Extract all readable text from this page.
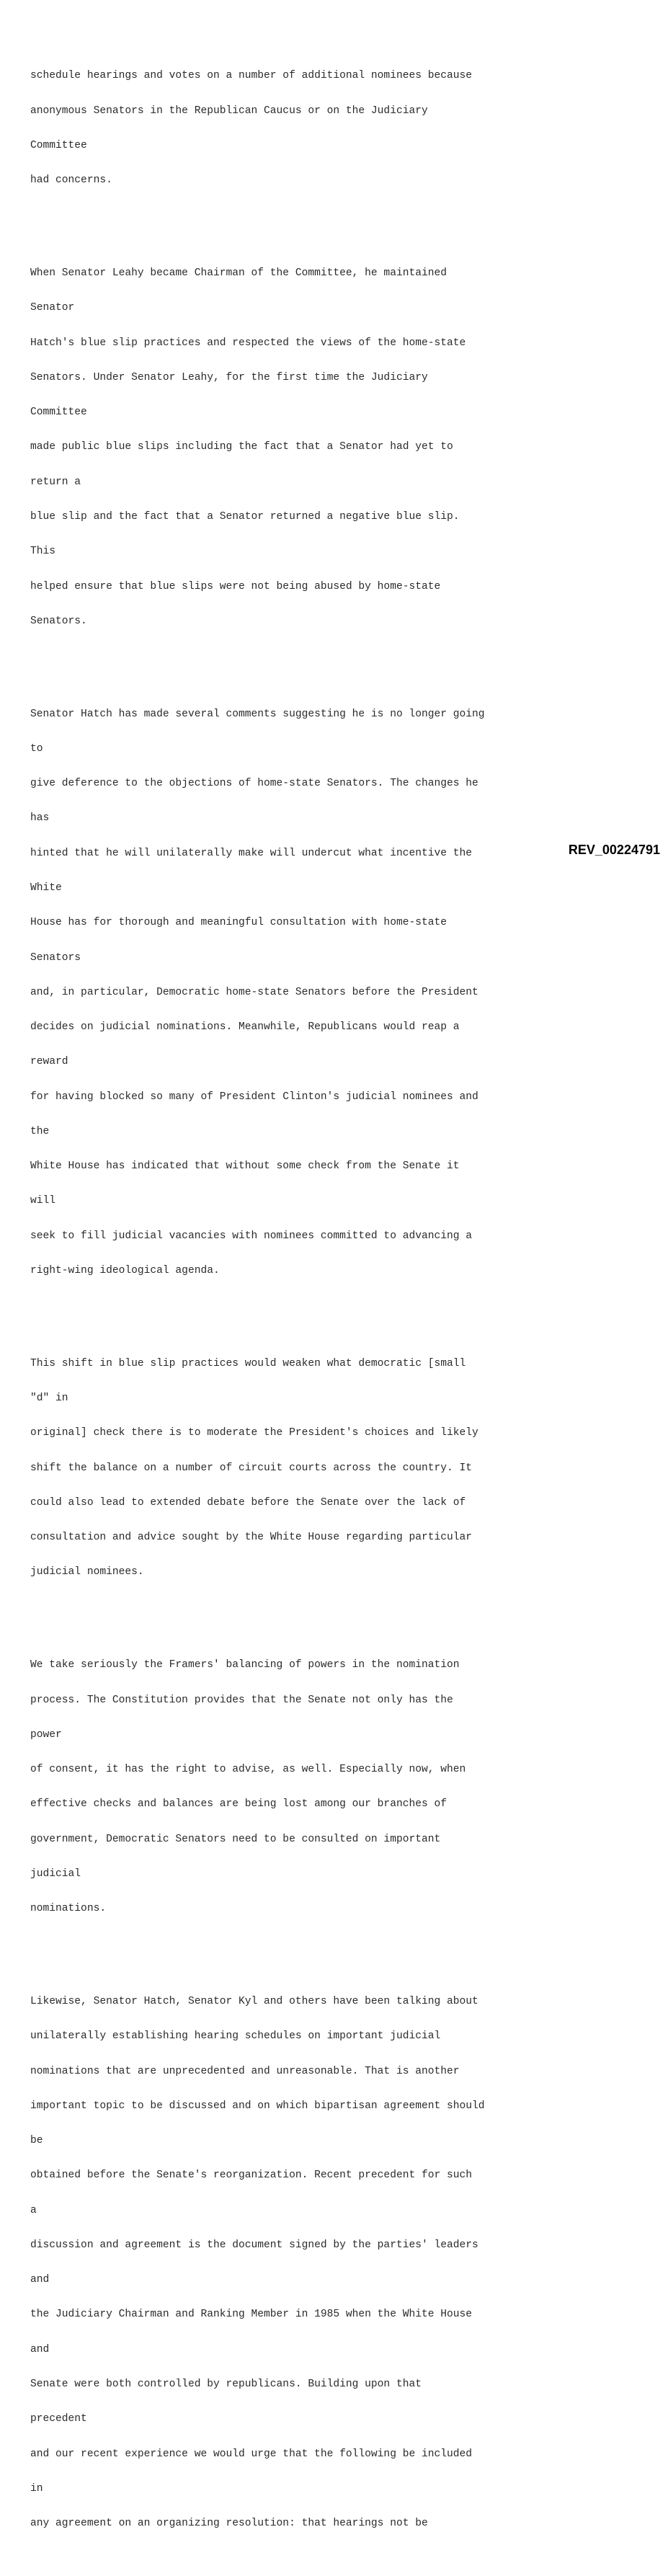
schedule hearings and votes on a number of additional nominees because

anonymous Senators in the Republican Caucus or on the Judiciary

Committee

had concerns.

When Senator Leahy became Chairman of the Committee, he maintained

Senator

Hatch's blue slip practices and respected the views of the home-state

Senators. Under Senator Leahy, for the first time the Judiciary

Committee

made public blue slips including the fact that a Senator had yet to

return a

blue slip and the fact that a Senator returned a negative blue slip.

This

helped ensure that blue slips were not being abused by home-state

Senators.

Senator Hatch has made several comments suggesting he is no longer going

to

give deference to the objections of home-state Senators. The changes he

has

hinted that he will unilaterally make will undercut what incentive the

White

House has for thorough and meaningful consultation with home-state

Senators

and, in particular, Democratic home-state Senators before the President

decides on judicial nominations. Meanwhile, Republicans would reap a

reward

for having blocked so many of President Clinton's judicial nominees and

the

White House has indicated that without some check from the Senate it

will

seek to fill judicial vacancies with nominees committed to advancing a

right-wing ideological agenda.

This shift in blue slip practices would weaken what democratic [small

"d" in

original] check there is to moderate the President's choices and likely

shift the balance on a number of circuit courts across the country. It

could also lead to extended debate before the Senate over the lack of

consultation and advice sought by the White House regarding particular

judicial nominees.

We take seriously the Framers' balancing of powers in the nomination

process. The Constitution provides that the Senate not only has the

power

of consent, it has the right to advise, as well. Especially now, when

effective checks and balances are being lost among our branches of

government, Democratic Senators need to be consulted on important

judicial

nominations.

Likewise, Senator Hatch, Senator Kyl and others have been talking about

unilaterally establishing hearing schedules on important judicial

nominations that are unprecedented and unreasonable. That is another

important topic to be discussed and on which bipartisan agreement should

be

obtained before the Senate's reorganization. Recent precedent for such

a

discussion and agreement is the document signed by the parties' leaders

and

the Judiciary Chairman and Ranking Member in 1985 when the White House

and

Senate were both controlled by republicans. Building upon that

precedent

and our recent experience we would urge that the following be included

in

any agreement on an organizing resolution: that hearings not be

REV_00224791
